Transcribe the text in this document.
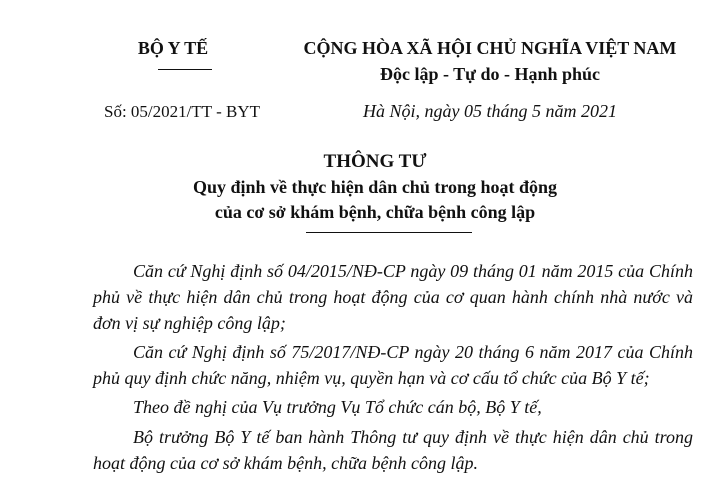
BỘ Y TẾ	CỘNG HÒA XÃ HỘI CHỦ NGHĨA VIỆT NAM
Độc lập - Tự do - Hạnh phúc
Số: 05/2021/TT - BYT	Hà Nội, ngày 05 tháng 5 năm 2021
THÔNG TƯ
Quy định về thực hiện dân chủ trong hoạt động
của cơ sở khám bệnh, chữa bệnh công lập
Căn cứ Nghị định số 04/2015/NĐ-CP ngày 09 tháng 01 năm 2015 của Chính phủ về thực hiện dân chủ trong hoạt động của cơ quan hành chính nhà nước và đơn vị sự nghiệp công lập;
Căn cứ Nghị định số 75/2017/NĐ-CP ngày 20 tháng 6 năm 2017 của Chính phủ quy định chức năng, nhiệm vụ, quyền hạn và cơ cấu tổ chức của Bộ Y tế;
Theo đề nghị của Vụ trưởng Vụ Tổ chức cán bộ, Bộ Y tế,
Bộ trưởng Bộ Y tế ban hành Thông tư quy định về thực hiện dân chủ trong hoạt động của cơ sở khám bệnh, chữa bệnh công lập.
